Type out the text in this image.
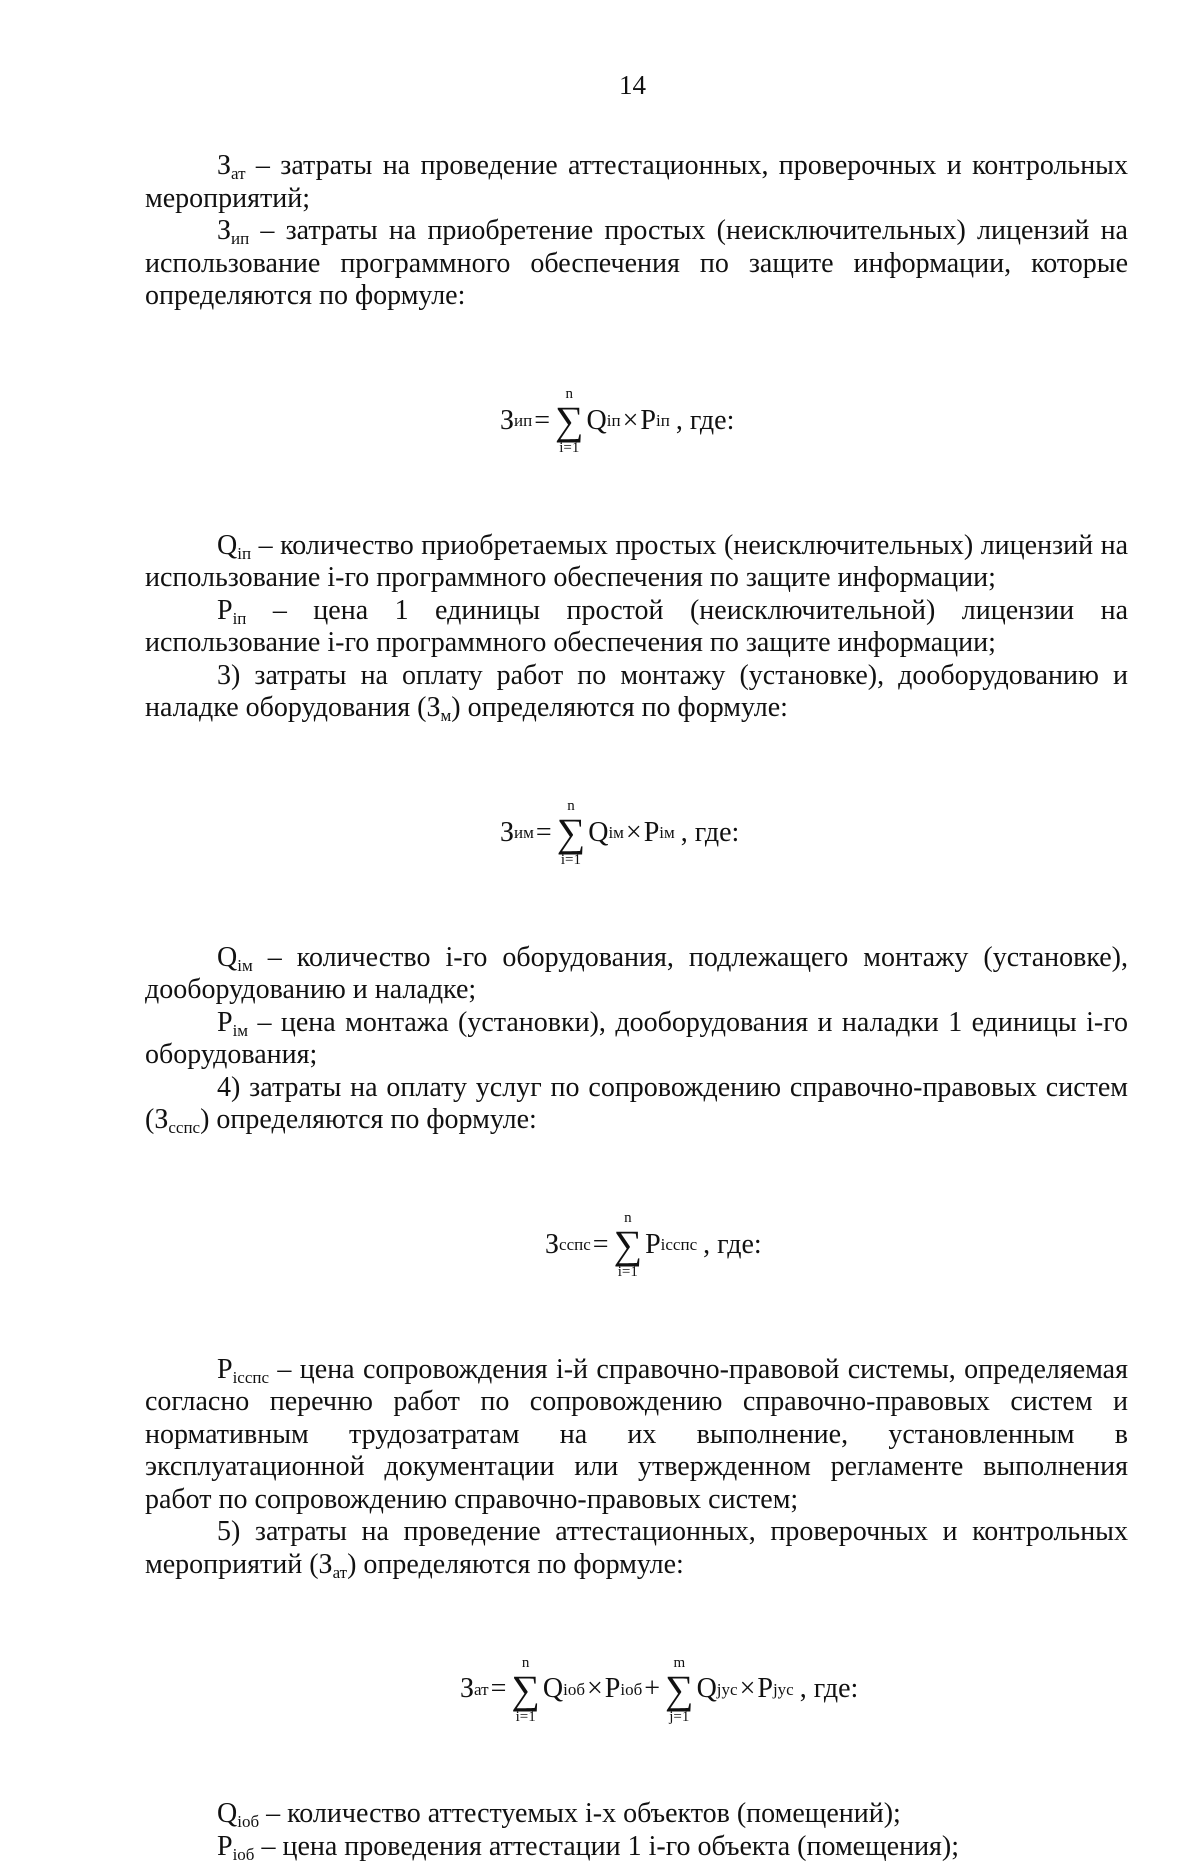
14

$З_{ат}$ – затраты на проведение аттестационных, проверочных и контрольных мероприятий;

$З_{ип}$ – затраты на приобретение простых (неисключительных) лицензий на использование программного обеспечения по защите информации, которые определяются по формуле:

З ип =
n
∑
i=1
Q iп × P iп , где:

$Q_{iп}$ – количество приобретаемых простых (неисключительных) лицензий на использование i-го программного обеспечения по защите информации;

$P_{iп}$ – цена 1 единицы простой (неисключительной) лицензии на использование i-го программного обеспечения по защите информации;

3) затраты на оплату работ по монтажу (установке), дооборудованию и наладке оборудования $(З_м)$ определяются по формуле:

З им =
n
∑
i=1
Q iм × P iм , где:

$Q_{iм}$ – количество i-го оборудования, подлежащего монтажу (установке), дооборудованию и наладке;

$P_{iм}$ – цена монтажа (установки), дооборудования и наладки 1 единицы i-го оборудования;

4) затраты на оплату услуг по сопровождению справочно-правовых систем $(З_{сспс})$ определяются по формуле:

З сспс =
n
∑
i=1
P iсспс , где:

$P_{iсспс}$ – цена сопровождения i-й справочно-правовой системы, определяемая согласно перечню работ по сопровождению справочно-правовых систем и нормативным трудозатратам на их выполнение, установленным в эксплуатационной документации или утвержденном регламенте выполнения работ по сопровождению справочно-правовых систем;

5) затраты на проведение аттестационных, проверочных и контрольных мероприятий $(З_{ат})$ определяются по формуле:

З ат =
n
∑
i=1
Q iоб × P iоб +
m
∑
j=1
Q jус × P jус , где:

$Q_{iоб}$ – количество аттестуемых i-х объектов (помещений);

$P_{iоб}$ – цена проведения аттестации 1 i-го объекта (помещения);
